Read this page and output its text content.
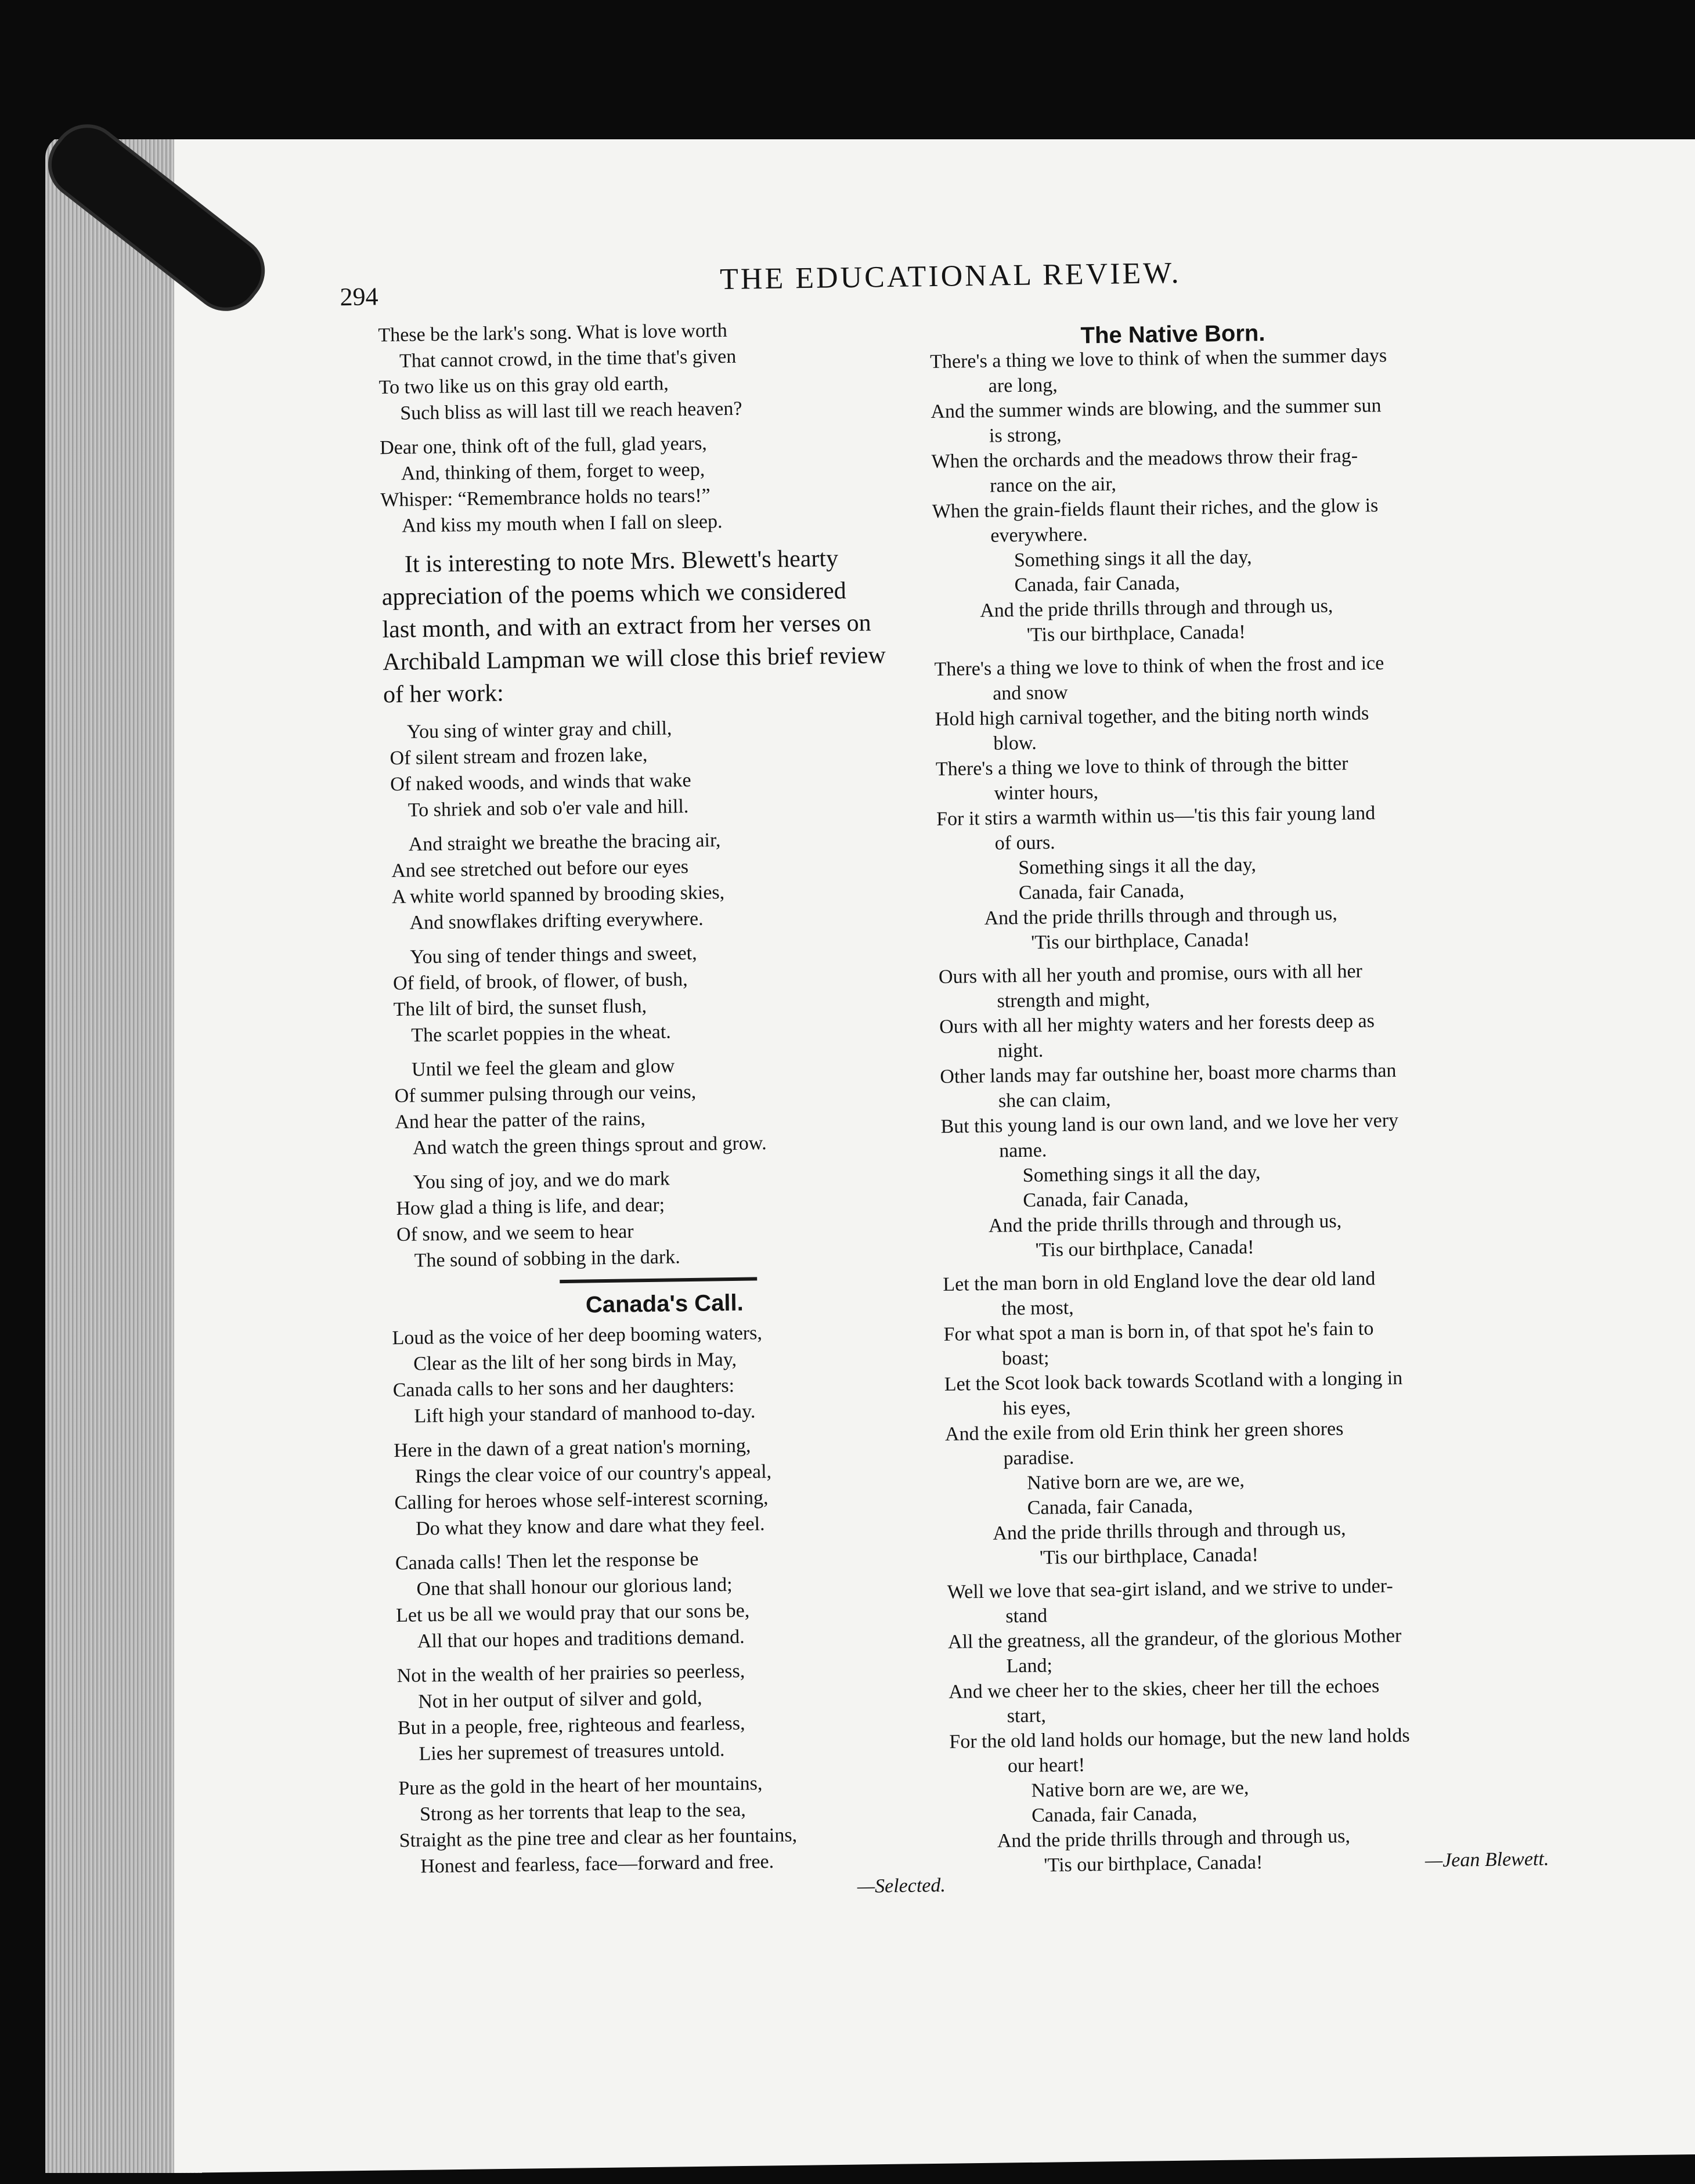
294
THE EDUCATIONAL REVIEW.
These be the lark's song. What is love worth
That cannot crowd, in the time that's given
To two like us on this gray old earth,
Such bliss as will last till we reach heaven?
Dear one, think oft of the full, glad years,
And, thinking of them, forget to weep,
Whisper: “Remembrance holds no tears!”
And kiss my mouth when I fall on sleep.
It is interesting to note Mrs. Blewett's hearty
appreciation of the poems which we considered
last month, and with an extract from her verses on
Archibald Lampman we will close this brief review
of her work:
You sing of winter gray and chill,
Of silent stream and frozen lake,
Of naked woods, and winds that wake
To shriek and sob o'er vale and hill.
And straight we breathe the bracing air,
And see stretched out before our eyes
A white world spanned by brooding skies,
And snowflakes drifting everywhere.
You sing of tender things and sweet,
Of field, of brook, of flower, of bush,
The lilt of bird, the sunset flush,
The scarlet poppies in the wheat.
Until we feel the gleam and glow
Of summer pulsing through our veins,
And hear the patter of the rains,
And watch the green things sprout and grow.
You sing of joy, and we do mark
How glad a thing is life, and dear;
Of snow, and we seem to hear
The sound of sobbing in the dark.
Canada's Call.
Loud as the voice of her deep booming waters,
Clear as the lilt of her song birds in May,
Canada calls to her sons and her daughters:
Lift high your standard of manhood to-day.
Here in the dawn of a great nation's morning,
Rings the clear voice of our country's appeal,
Calling for heroes whose self-interest scorning,
Do what they know and dare what they feel.
Canada calls! Then let the response be
One that shall honour our glorious land;
Let us be all we would pray that our sons be,
All that our hopes and traditions demand.
Not in the wealth of her prairies so peerless,
Not in her output of silver and gold,
But in a people, free, righteous and fearless,
Lies her supremest of treasures untold.
Pure as the gold in the heart of her mountains,
Strong as her torrents that leap to the sea,
Straight as the pine tree and clear as her fountains,
Honest and fearless, face—forward and free.
—Selected.
The Native Born.
There's a thing we love to think of when the summer days
are long,
And the summer winds are blowing, and the summer sun
is strong,
When the orchards and the meadows throw their frag-
rance on the air,
When the grain-fields flaunt their riches, and the glow is
everywhere.
Something sings it all the day,
Canada, fair Canada,
And the pride thrills through and through us,
'Tis our birthplace, Canada!
There's a thing we love to think of when the frost and ice
and snow
Hold high carnival together, and the biting north winds
blow.
There's a thing we love to think of through the bitter
winter hours,
For it stirs a warmth within us—'tis this fair young land
of ours.
Something sings it all the day,
Canada, fair Canada,
And the pride thrills through and through us,
'Tis our birthplace, Canada!
Ours with all her youth and promise, ours with all her
strength and might,
Ours with all her mighty waters and her forests deep as
night.
Other lands may far outshine her, boast more charms than
she can claim,
But this young land is our own land, and we love her very
name.
Something sings it all the day,
Canada, fair Canada,
And the pride thrills through and through us,
'Tis our birthplace, Canada!
Let the man born in old England love the dear old land
the most,
For what spot a man is born in, of that spot he's fain to
boast;
Let the Scot look back towards Scotland with a longing in
his eyes,
And the exile from old Erin think her green shores
paradise.
Native born are we, are we,
Canada, fair Canada,
And the pride thrills through and through us,
'Tis our birthplace, Canada!
Well we love that sea-girt island, and we strive to under-
stand
All the greatness, all the grandeur, of the glorious Mother
Land;
And we cheer her to the skies, cheer her till the echoes
start,
For the old land holds our homage, but the new land holds
our heart!
Native born are we, are we,
Canada, fair Canada,
And the pride thrills through and through us,
'Tis our birthplace, Canada!	—Jean Blewett.
